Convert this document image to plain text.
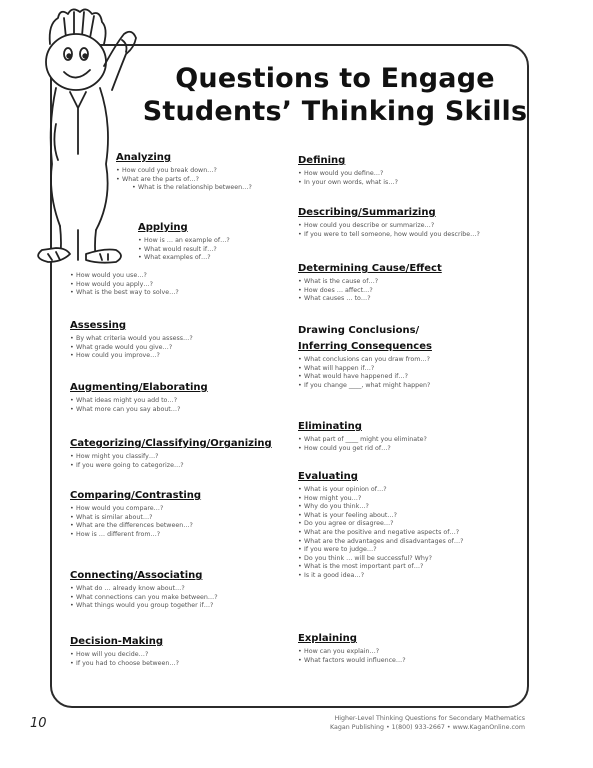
Questions to Engage
Students’ Thinking Skills
Analyzing
• How could you break down…?
• What are the parts of…?
• What is the relationship between…?
Applying
• How is … an example of…?
• What would result if…?
• What examples of…?
• How would you use…?
• How would you apply…?
• What is the best way to solve…?
Assessing
• By what criteria would you assess…?
• What grade would you give…?
• How could you improve…?
Augmenting/Elaborating
• What ideas might you add to…?
• What more can you say about…?
Categorizing/Classifying/Organizing
• How might you classify…?
• If you were going to categorize…?
Comparing/Contrasting
• How would you compare…?
• What is similar about…?
• What are the differences between…?
• How is … different from…?
Connecting/Associating
• What do … already know about…?
• What connections can you make between…?
• What things would you group together if…?
Decision-Making
• How will you decide…?
• If you had to choose between…?
Defining
• How would you define…?
• In your own words, what is…?
Describing/Summarizing
• How could you describe or summarize…?
• If you were to tell someone, how would you describe…?
Determining Cause/Effect
• What is the cause of…?
• How does … affect…?
• What causes … to…?
Drawing Conclusions/
Inferring Consequences
• What conclusions can you draw from…?
• What will happen if…?
• What would have happened if…?
• If you change ____, what might happen?
Eliminating
• What part of ____ might you eliminate?
• How could you get rid of…?
Evaluating
• What is your opinion of…?
• How might you…?
• Why do you think…?
• What is your feeling about…?
• Do you agree or disagree…?
• What are the positive and negative aspects of…?
• What are the advantages and disadvantages of…?
• If you were to judge…?
• Do you think … will be successful? Why?
• What is the most important part of…?
• Is it a good idea…?
Explaining
• How can you explain…?
• What factors would influence…?
10	Higher-Level Thinking Questions for Secondary Mathematics
Kagan Publishing • 1(800) 933-2667 • www.KaganOnline.com
